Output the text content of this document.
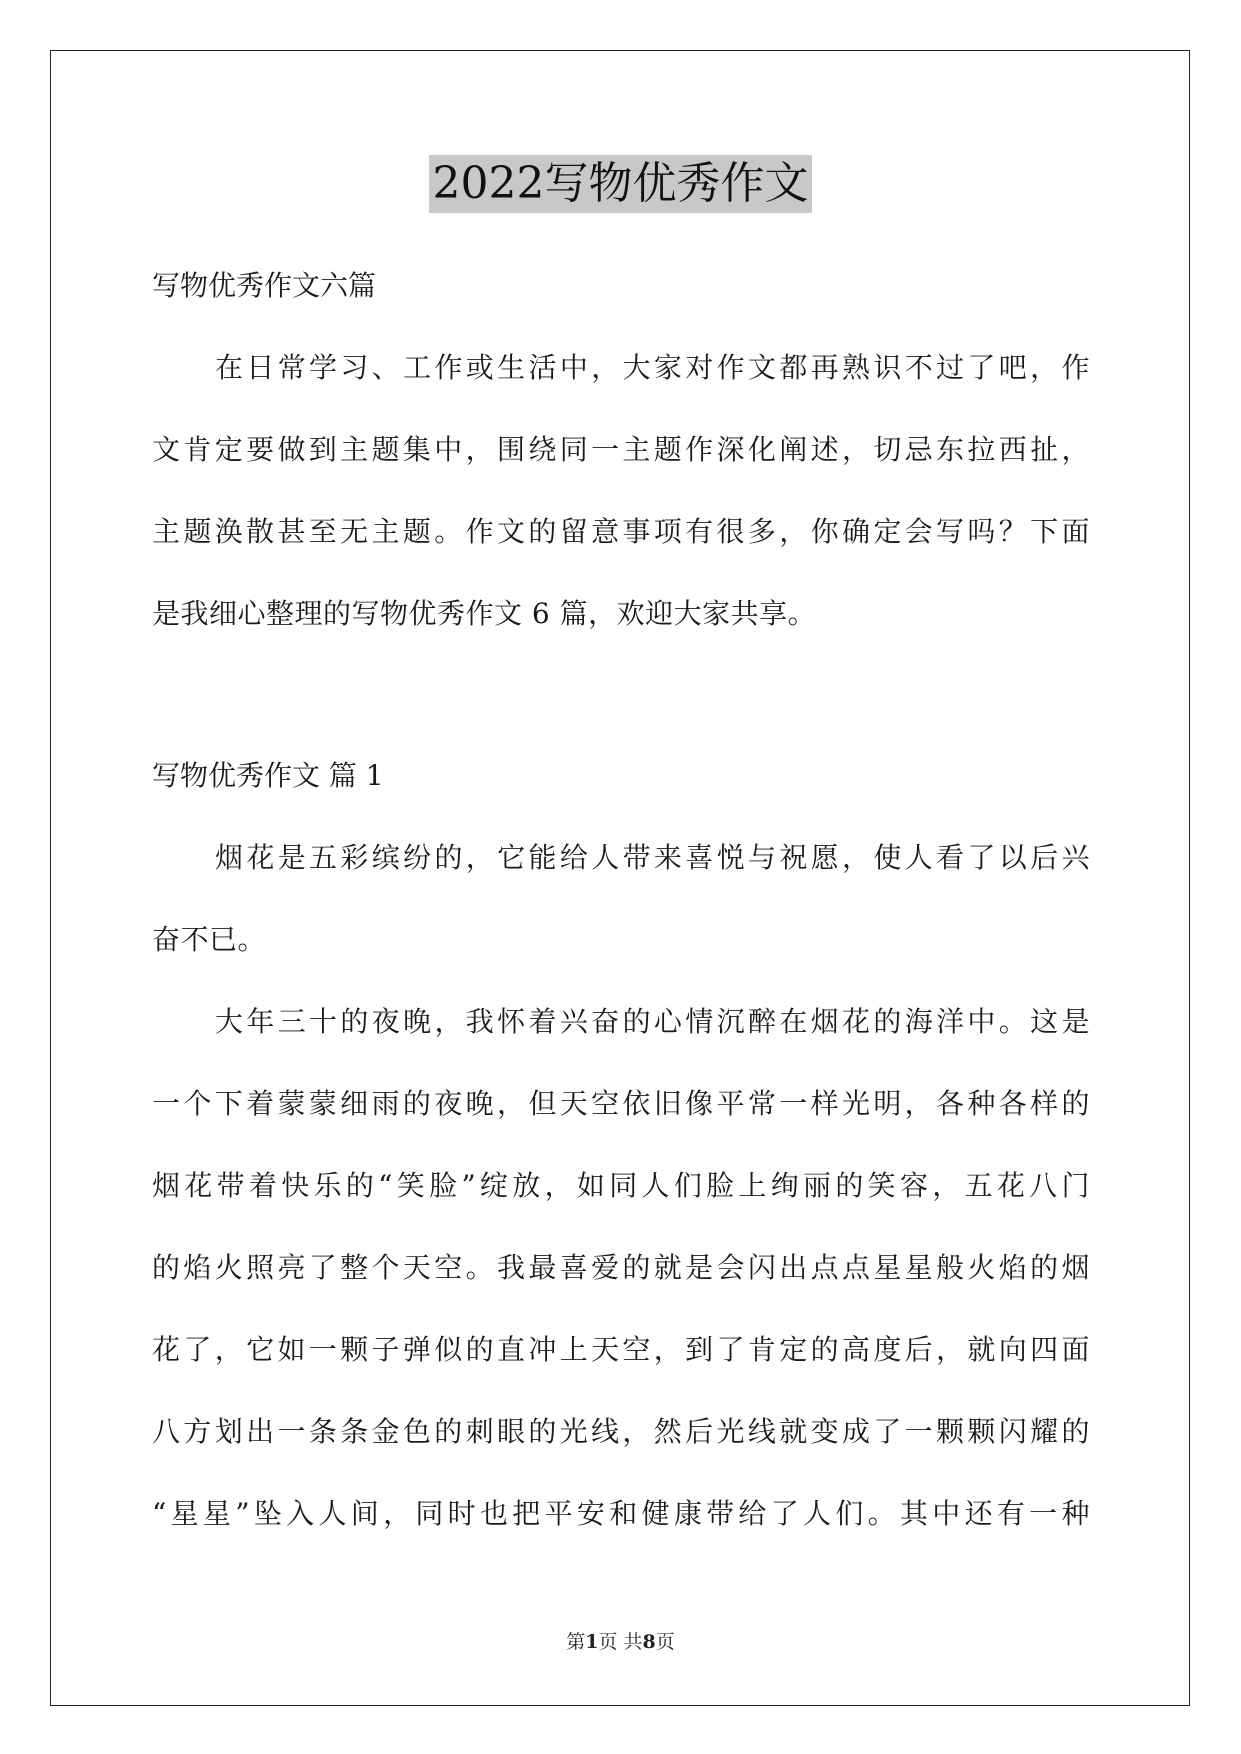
2022写物优秀作文
写物优秀作文六篇
在日常学习、工作或生活中，大家对作文都再熟识不过了吧，作
文肯定要做到主题集中，围绕同一主题作深化阐述，切忌东拉西扯，
主题涣散甚至无主题。作文的留意事项有很多，你确定会写吗？下面
是我细心整理的写物优秀作文 6 篇，欢迎大家共享。
写物优秀作文 篇 1
烟花是五彩缤纷的，它能给人带来喜悦与祝愿，使人看了以后兴
奋不已。
大年三十的夜晚，我怀着兴奋的心情沉醉在烟花的海洋中。这是
一个下着蒙蒙细雨的夜晚，但天空依旧像平常一样光明，各种各样的
烟花带着快乐的“笑脸”绽放，如同人们脸上绚丽的笑容，五花八门
的焰火照亮了整个天空。我最喜爱的就是会闪出点点星星般火焰的烟
花了，它如一颗子弹似的直冲上天空，到了肯定的高度后，就向四面
八方划出一条条金色的刺眼的光线，然后光线就变成了一颗颗闪耀的
“星星”坠入人间，同时也把平安和健康带给了人们。其中还有一种
第1页 共8页
